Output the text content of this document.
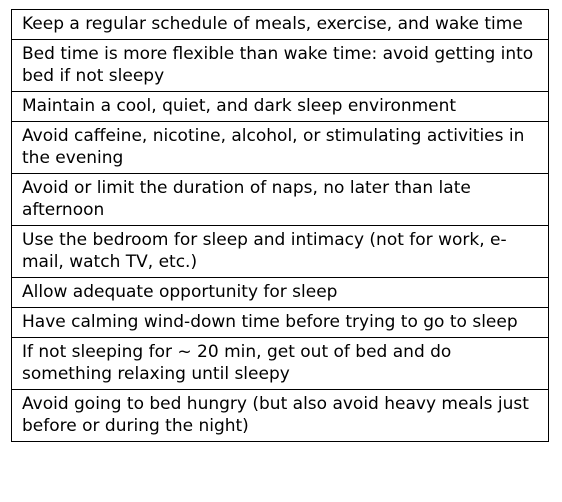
Keep a regular schedule of meals, exercise, and wake time
Bed time is more flexible than wake time: avoid getting into bed if not sleepy
Maintain a cool, quiet, and dark sleep environment
Avoid caffeine, nicotine, alcohol, or stimulating activities in the evening
Avoid or limit the duration of naps, no later than late afternoon
Use the bedroom for sleep and intimacy (not for work, e-mail, watch TV, etc.)
Allow adequate opportunity for sleep
Have calming wind-down time before trying to go to sleep
If not sleeping for ~ 20 min, get out of bed and do something relaxing until sleepy
Avoid going to bed hungry (but also avoid heavy meals just before or during the night)
